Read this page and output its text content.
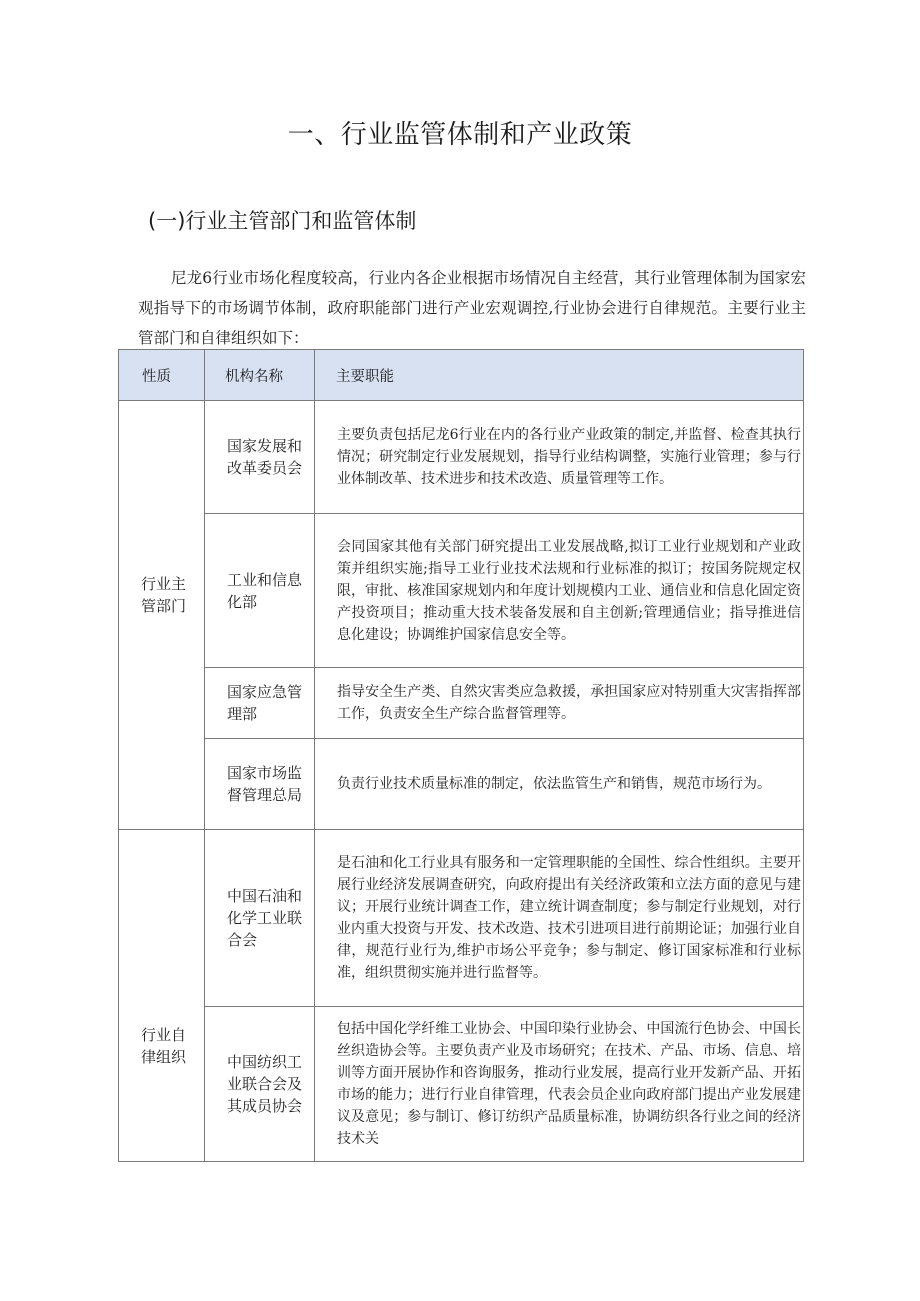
一、行业监管体制和产业政策
(一)行业主管部门和监管体制

尼龙6行业市场化程度较高，行业内各企业根据市场情况自主经营，其行业管理体制为国家宏观指导下的市场调节体制，政府职能部门进行产业宏观调控,行业协会进行自律规范。主要行业主管部门和自律组织如下：

性质	机构名称	主要职能
行业主管部门	国家发展和改革委员会	主要负责包括尼龙6行业在内的各行业产业政策的制定,并监督、检查其执行情况；研究制定行业发展规划，指导行业结构调整，实施行业管理；参与行业体制改革、技术进步和技术改造、质量管理等工作。
	工业和信息化部	会同国家其他有关部门研究提出工业发展战略,拟订工业行业规划和产业政策并组织实施;指导工业行业技术法规和行业标准的拟订；按国务院规定权限，审批、核准国家规划内和年度计划规模内工业、通信业和信息化固定资产投资项目；推动重大技术装备发展和自主创新;管理通信业；指导推进信息化建设；协调维护国家信息安全等。
	国家应急管理部	指导安全生产类、自然灾害类应急救援，承担国家应对特别重大灾害指挥部工作，负责安全生产综合监督管理等。
	国家市场监督管理总局	负责行业技术质量标准的制定，依法监管生产和销售，规范市场行为。
行业自律组织	中国石油和化学工业联合会	是石油和化工行业具有服务和一定管理职能的全国性、综合性组织。主要开展行业经济发展调查研究，向政府提出有关经济政策和立法方面的意见与建议；开展行业统计调查工作，建立统计调查制度；参与制定行业规划，对行业内重大投资与开发、技术改造、技术引进项目进行前期论证；加强行业自律，规范行业行为,维护市场公平竞争；参与制定、修订国家标准和行业标准，组织贯彻实施并进行监督等。
	中国纺织工业联合会及其成员协会	包括中国化学纤维工业协会、中国印染行业协会、中国流行色协会、中国长丝织造协会等。主要负责产业及市场研究；在技术、产品、市场、信息、培训等方面开展协作和咨询服务，推动行业发展，提高行业开发新产品、开拓市场的能力；进行行业自律管理，代表会员企业向政府部门提出产业发展建议及意见；参与制订、修订纺织产品质量标准，协调纺织各行业之间的经济技术关
